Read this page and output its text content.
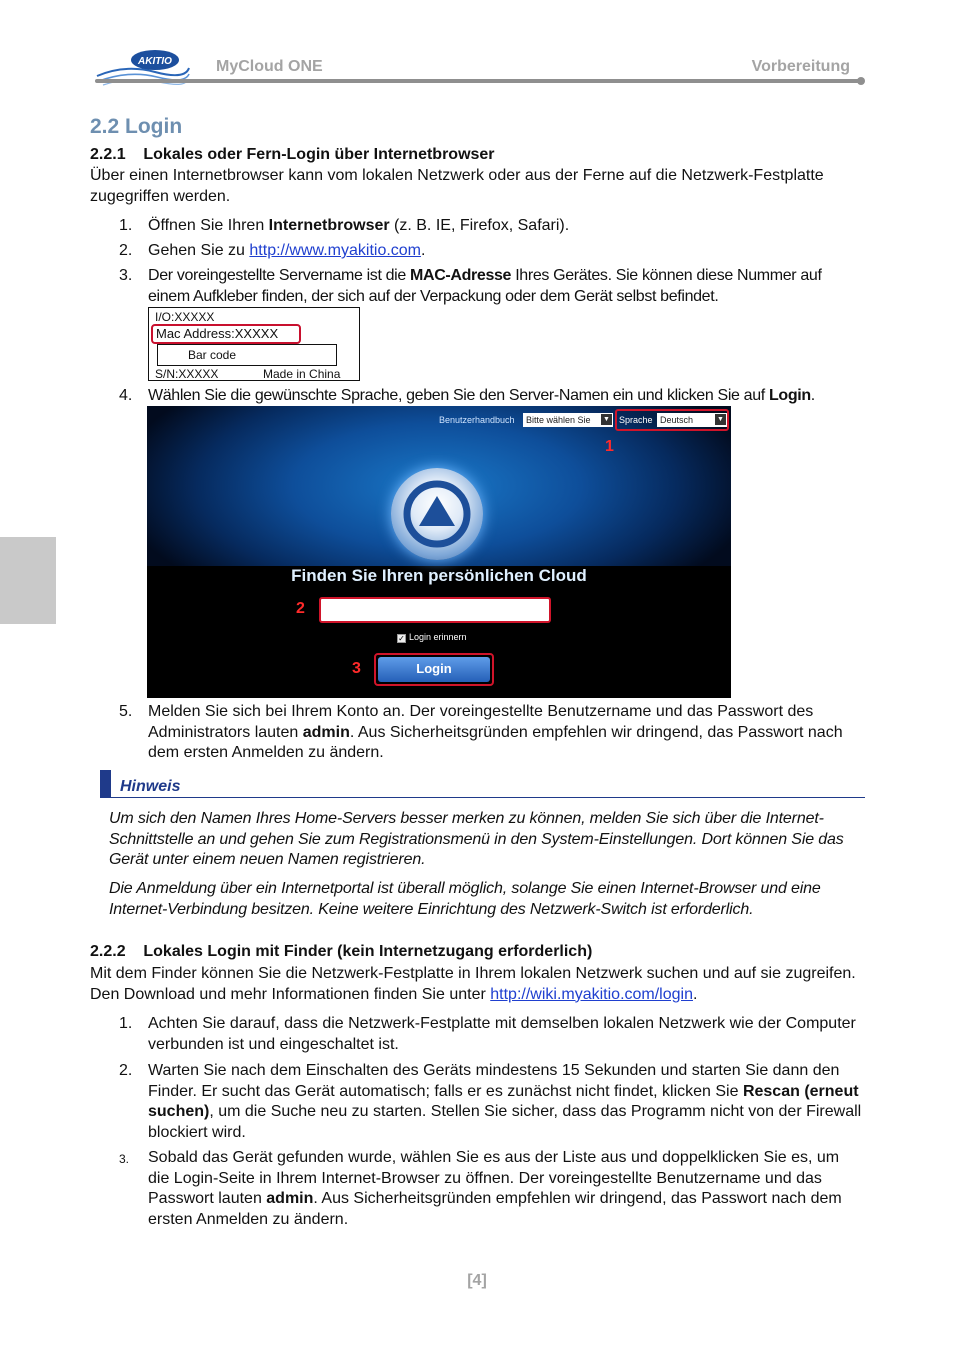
AKITIO	MyCloud ONE	Vorbereitung
2.2 Login
2.2.1    Lokales oder Fern-Login über Internetbrowser
Über einen Internetbrowser kann vom lokalen Netzwerk oder aus der Ferne auf die Netzwerk-Festplatte zugegriffen werden.
1. Öffnen Sie Ihren Internetbrowser (z. B. IE, Firefox, Safari).
2. Gehen Sie zu http://www.myakitio.com.
3. Der voreingestellte Servername ist die MAC-Adresse Ihres Gerätes. Sie können diese Nummer auf einem Aufkleber finden, der sich auf der Verpackung oder dem Gerät selbst befindet.
I/O:XXXXX
Mac Address:XXXXX
Bar code
S/N:XXXXX	Made in China
4. Wählen Sie die gewünschte Sprache, geben Sie den Server-Namen ein und klicken Sie auf Login.
Benutzerhandbuch	Bitte wählen Sie ▼ Sprache Deutsch	▼
1
Finden Sie Ihren persönlichen Cloud
2
✓ Login erinnern
3	Login
5. Melden Sie sich bei Ihrem Konto an. Der voreingestellte Benutzername und das Passwort des Administrators lauten admin. Aus Sicherheitsgründen empfehlen wir dringend, das Passwort nach dem ersten Anmelden zu ändern.
Hinweis
Um sich den Namen Ihres Home-Servers besser merken zu können, melden Sie sich über die Internet-Schnittstelle an und gehen Sie zum Registrationsmenü in den System-Einstellungen. Dort können Sie das Gerät unter einem neuen Namen registrieren.
Die Anmeldung über ein Internetportal ist überall möglich, solange Sie einen Internet-Browser und eine Internet-Verbindung besitzen. Keine weitere Einrichtung des Netzwerk-Switch ist erforderlich.
2.2.2    Lokales Login mit Finder (kein Internetzugang erforderlich)
Mit dem Finder können Sie die Netzwerk-Festplatte in Ihrem lokalen Netzwerk suchen und auf sie zugreifen. Den Download und mehr Informationen finden Sie unter http://wiki.myakitio.com/login.
1. Achten Sie darauf, dass die Netzwerk-Festplatte mit demselben lokalen Netzwerk wie der Computer verbunden ist und eingeschaltet ist.
2. Warten Sie nach dem Einschalten des Geräts mindestens 15 Sekunden und starten Sie dann den Finder. Er sucht das Gerät automatisch; falls er es zunächst nicht findet, klicken Sie Rescan (erneut suchen), um die Suche neu zu starten. Stellen Sie sicher, dass das Programm nicht von der Firewall blockiert wird.
3. Sobald das Gerät gefunden wurde, wählen Sie es aus der Liste aus und doppelklicken Sie es, um die Login-Seite in Ihrem Internet-Browser zu öffnen. Der voreingestellte Benutzername und das Passwort lauten admin. Aus Sicherheitsgründen empfehlen wir dringend, das Passwort nach dem ersten Anmelden zu ändern.
[4]
